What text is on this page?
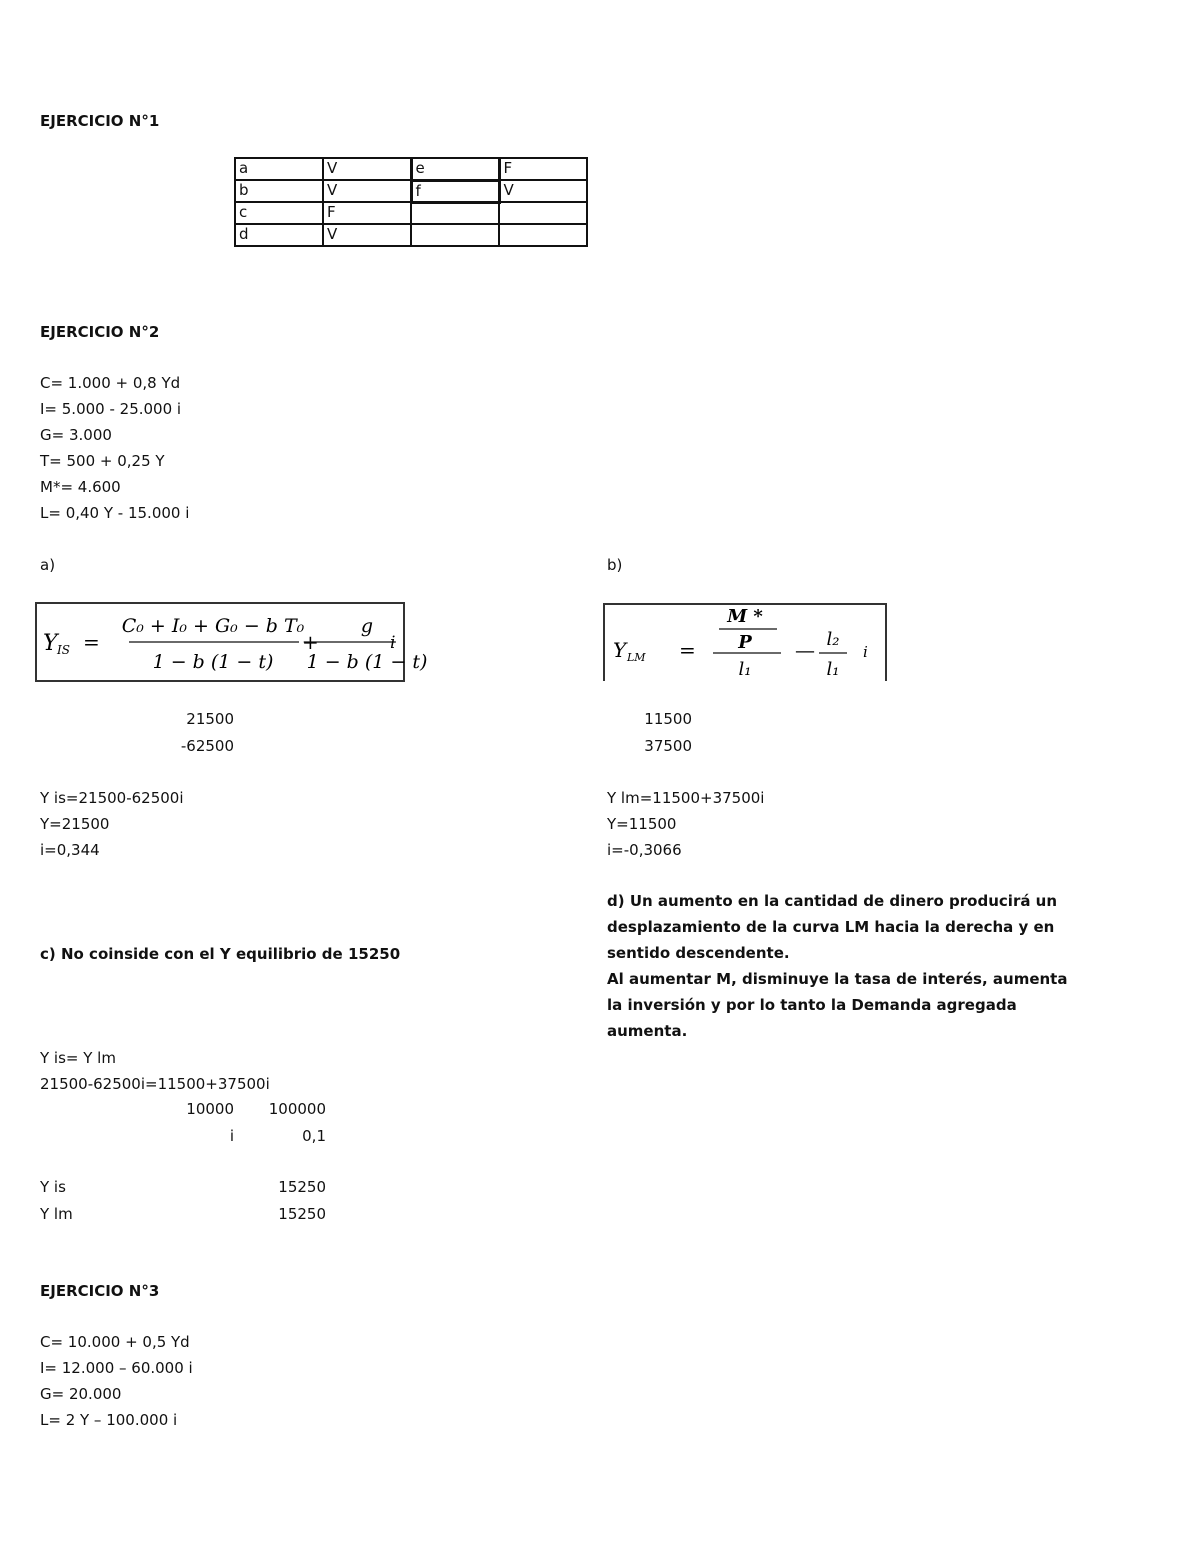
EJERCICIO N°1
a	V	e	F
b	V	f	V
c	F		
d	V		
EJERCICIO N°2
C= 1.000 + 0,8 Yd
I= 5.000 - 25.000 i
G= 3.000
T= 500 + 0,25 Y
M*= 4.600
L= 0,40 Y - 15.000 i
a)	b)
Y IS =
C₀ + I₀ + G₀ − b T₀
1 − b (1 − t)
+
g
1 − b (1 − t)
i	Y LM =
M *
P
l₁
— l₂
l₁
i
21500
-62500
Y is=21500-62500i
Y=21500
i=0,344
11500
37500
Y lm=11500+37500i
Y=11500
i=-0,3066
d) Un aumento en la cantidad de dinero producirá un desplazamiento de la curva LM hacia la derecha y en sentido descendente.
Al aumentar M, disminuye la tasa de interés, aumenta la inversión y por lo tanto la Demanda agregada aumenta.
c) No coinside con el Y equilibrio de 15250
Y is= Y lm
21500-62500i=11500+37500i
10000	100000
i	0,1
Y is	15250
Y lm	15250
EJERCICIO N°3
C= 10.000 + 0,5 Yd
I= 12.000 – 60.000 i
G= 20.000
L= 2 Y – 100.000 i
